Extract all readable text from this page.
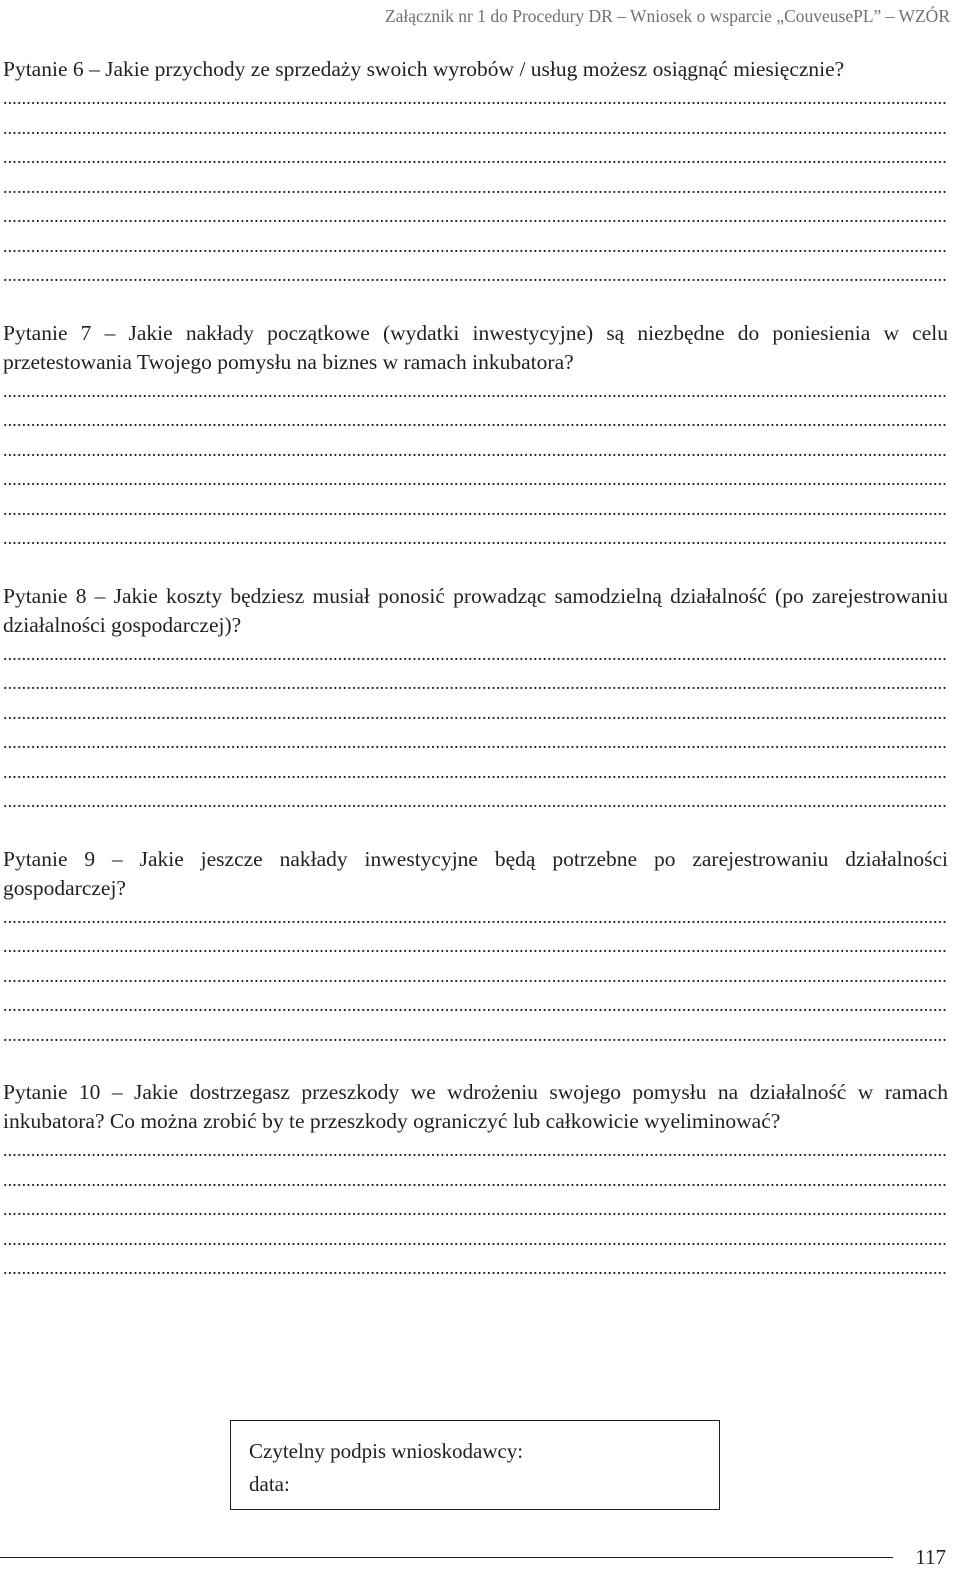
Załącznik nr 1 do Procedury DR – Wniosek o wsparcie „CouveusePL” – WZÓR

Pytanie 6 – Jakie przychody ze sprzedaży swoich wyrobów / usług możesz osiągnąć miesięcznie?

.....
.....
.....
.....
.....
.....
.....

Pytanie 7 – Jakie nakłady początkowe (wydatki inwestycyjne) są niezbędne do poniesienia w celu przetestowania Twojego pomysłu na biznes w ramach inkubatora?

.....
.....
.....
.....
.....
.....

Pytanie 8 – Jakie koszty będziesz musiał ponosić prowadząc samodzielną działalność (po zarejestrowaniu działalności gospodarczej)?

.....
.....
.....
.....
.....
.....

Pytanie 9 – Jakie jeszcze nakłady inwestycyjne będą potrzebne po zarejestrowaniu działalności gospodarczej?

.....
.....
.....
.....
.....

Pytanie 10 – Jakie dostrzegasz przeszkody we wdrożeniu swojego pomysłu na działalność w ramach inkubatora? Co można zrobić by te przeszkody ograniczyć lub całkowicie wyeliminować?

.....
.....
.....
.....
.....
Czytelny podpis wnioskodawcy:
data:
117
